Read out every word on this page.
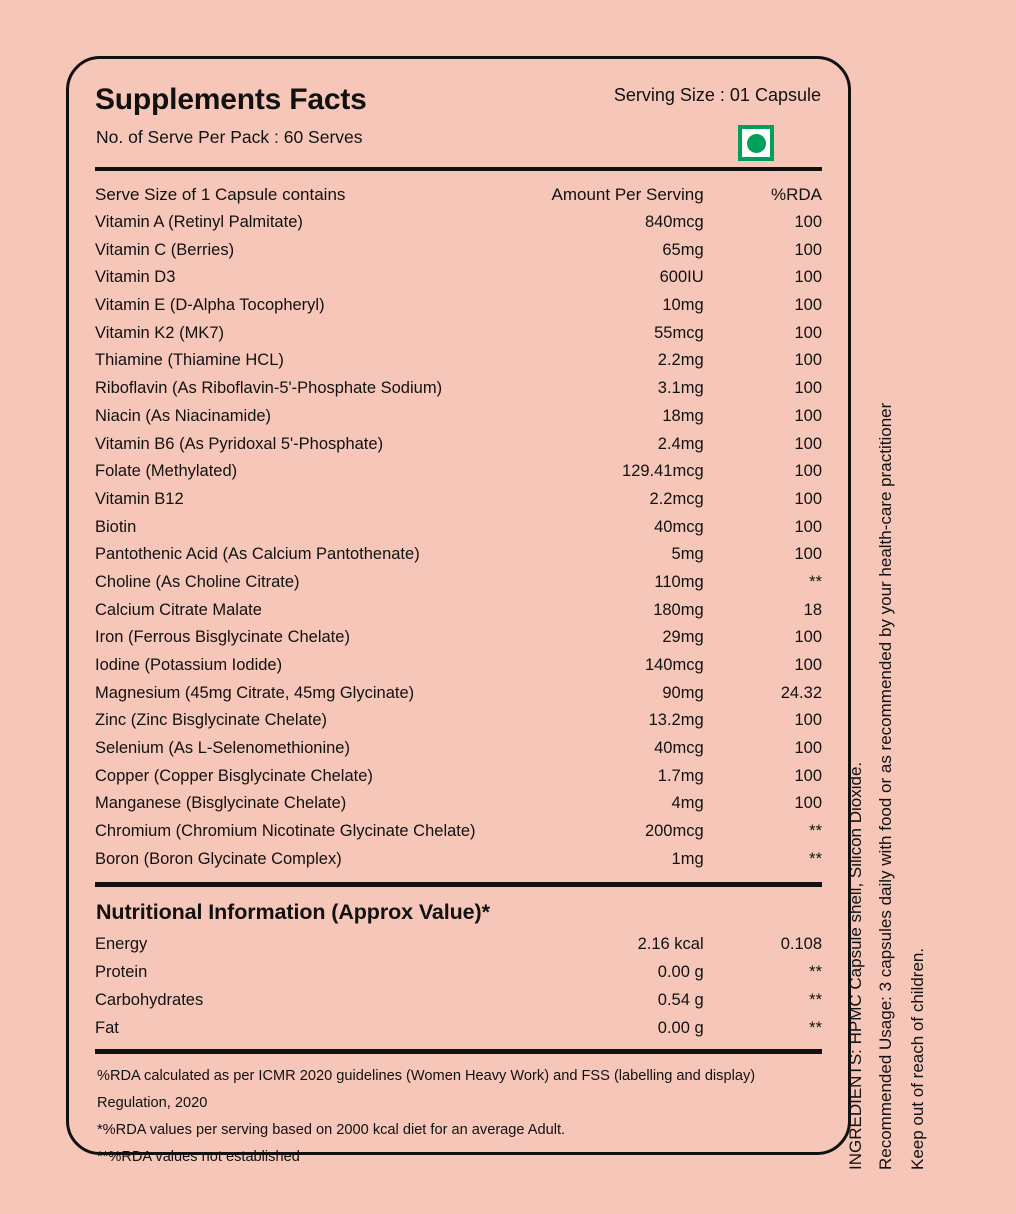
Supplements Facts
No. of Serve Per Pack : 60 Serves
Serving Size : 01 Capsule
Serve Size of 1 Capsule contains	Amount Per Serving	%RDA
Vitamin A (Retinyl Palmitate)	840mcg	100
Vitamin C (Berries)	65mg	100
Vitamin D3	600IU	100
Vitamin E (D-Alpha Tocopheryl)	10mg	100
Vitamin K2 (MK7)	55mcg	100
Thiamine (Thiamine HCL)	2.2mg	100
Riboflavin (As Riboflavin-5'-Phosphate Sodium)	3.1mg	100
Niacin (As Niacinamide)	18mg	100
Vitamin B6 (As Pyridoxal 5'-Phosphate)	2.4mg	100
Folate (Methylated)	129.41mcg	100
Vitamin B12	2.2mcg	100
Biotin	40mcg	100
Pantothenic Acid (As Calcium Pantothenate)	5mg	100
Choline (As Choline Citrate)	110mg	**
Calcium Citrate Malate	180mg	18
Iron (Ferrous Bisglycinate Chelate)	29mg	100
Iodine (Potassium Iodide)	140mcg	100
Magnesium (45mg Citrate, 45mg Glycinate)	90mg	24.32
Zinc (Zinc Bisglycinate Chelate)	13.2mg	100
Selenium (As L-Selenomethionine)	40mcg	100
Copper (Copper Bisglycinate Chelate)	1.7mg	100
Manganese (Bisglycinate Chelate)	4mg	100
Chromium (Chromium Nicotinate Glycinate Chelate)	200mcg	**
Boron (Boron Glycinate Complex)	1mg	**
Nutritional Information (Approx Value)*
Energy	2.16 kcal	0.108
Protein	0.00 g	**
Carbohydrates	0.54 g	**
Fat	0.00 g	**

%RDA calculated as per ICMR 2020 guidelines (Women Heavy Work) and FSS (labelling and display)

Regulation, 2020

*%RDA values per serving based on 2000 kcal diet for an average Adult.

**%RDA values not established	INGREDIENTS: HPMC Capsule shell, Silicon Dioxide. Recommended Usage: 3 capsules daily with food or as recommended by your health-care practitioner Keep out of reach of children.
